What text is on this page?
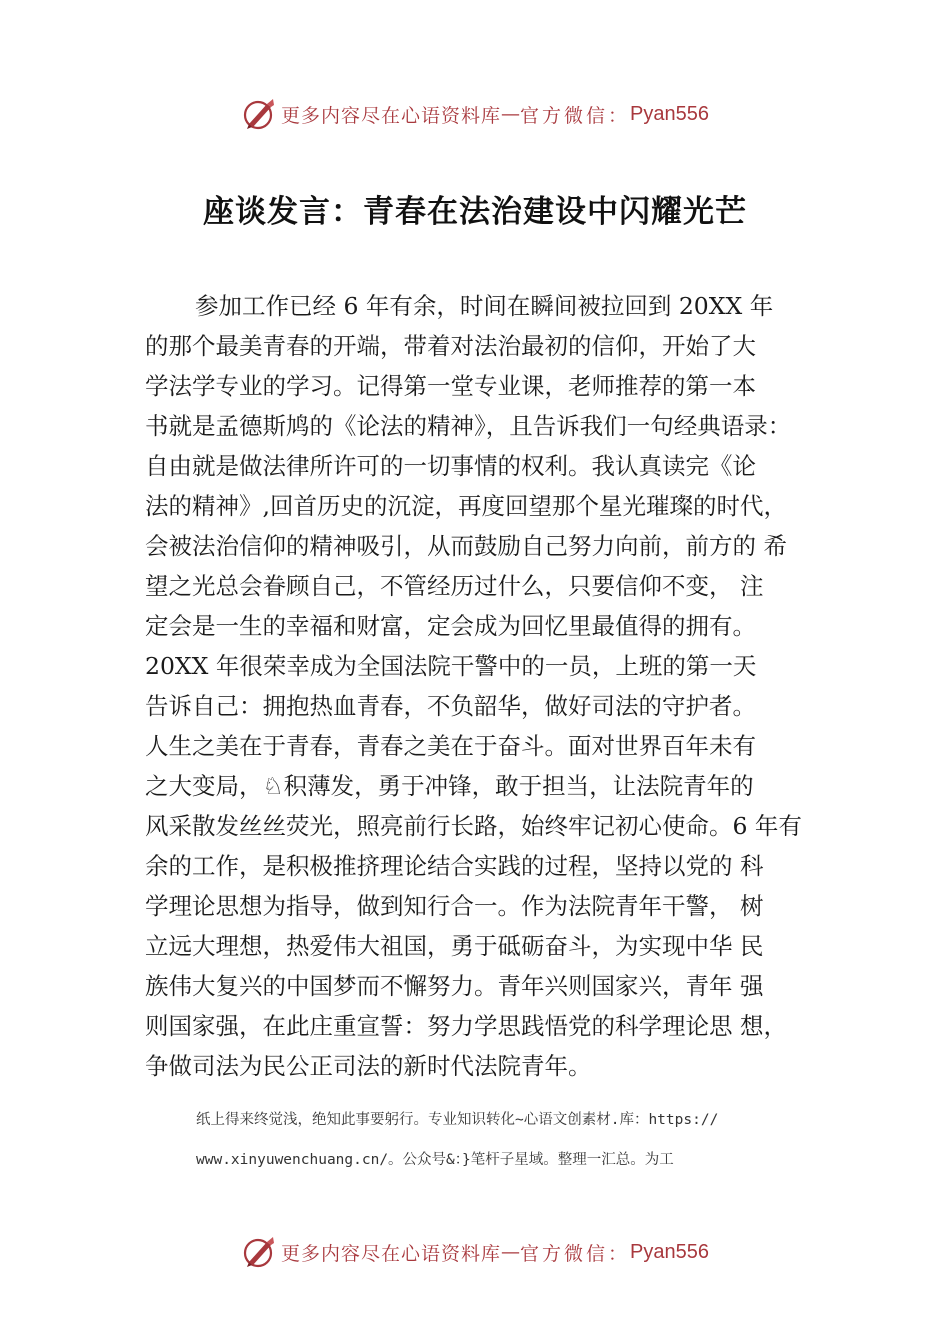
更多内容尽在心语资料库 — 官方微信： Pyan556
座谈发言：青春在法治建设中闪耀光芒
参加工作已经 6 年有余，时间在瞬间被拉回到 20XX 年
的那个最美青春的开端，带着对法治最初的信仰，开始了大
学法学专业的学习。记得第一堂专业课，老师推荐的第一本
书就是孟德斯鸠的《论法的精神》，且告诉我们一句经典语录：
自由就是做法律所许可的一切事情的权利。我认真读完《论
法的精神》,回首历史的沉淀，再度回望那个星光璀璨的时代，
会被法治信仰的精神吸引，从而鼓励自己努力向前，前方的 希
望之光总会眷顾自己，不管经历过什么，只要信仰不变， 注
定会是一生的幸福和财富，定会成为回忆里最值得的拥有。
20XX 年很荣幸成为全国法院干警中的一员，上班的第一天
告诉自己：拥抱热血青春，不负韶华，做好司法的守护者。
人生之美在于青春，青春之美在于奋斗。面对世界百年未有
之大变局，♘积薄发，勇于冲锋，敢于担当，让法院青年的
风采散发丝丝荧光，照亮前行长路，始终牢记初心使命。6 年有
余的工作，是积极推挤理论结合实践的过程，坚持以党的 科
学理论思想为指导，做到知行合一。作为法院青年干警， 树
立远大理想，热爱伟大祖国，勇于砥砺奋斗，为实现中华 民
族伟大复兴的中国梦而不懈努力。青年兴则国家兴，青年 强
则国家强，在此庄重宣誓：努力学思践悟党的科学理论思 想，
争做司法为民公正司法的新时代法院青年。
纸上得来终觉浅，绝知此事要躬行。专业知识转化~心语文创素材.库：https://
www.xinyuwenchuang.cn/。公众号&：}笔杆子星域。整理一汇总。为工
更多内容尽在心语资料库 — 官方微信： Pyan556
